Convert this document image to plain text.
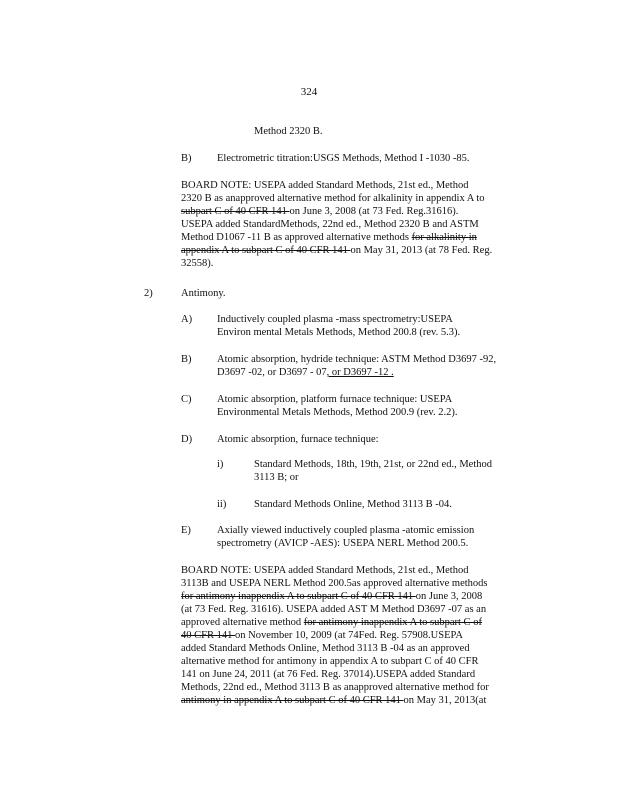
324
Method 2320 B.
B) Electrometric titration:USGS Methods, Method I -1030 -85.
BOARD NOTE: USEPA added Standard Methods, 21st ed., Method
2320 B as anapproved alternative method for alkalinity in appendix A to
subpart C of 40 CFR 141 on June 3, 2008 (at 73 Fed. Reg.31616).
USEPA added StandardMethods, 22nd ed., Method 2320 B and ASTM
Method D1067 -11 B as approved alternative methods for alkalinity in
appendix A to subpart C of 40 CFR 141 on May 31, 2013 (at 78 Fed. Reg.
32558).
2)	Antimony.
A) Inductively coupled plasma -mass spectrometry:USEPA
Environ mental Metals Methods, Method 200.8 (rev. 5.3).
B) Atomic absorption, hydride technique: ASTM Method D3697 -92,
D3697 -02, or D3697 - 07, or D3697 -12 .
C) Atomic absorption, platform furnace technique: USEPA
Environmental Metals Methods, Method 200.9 (rev. 2.2).
D) Atomic absorption, furnace technique:
i)	Standard Methods, 18th, 19th, 21st, or 22nd ed., Method
3113 B; or
ii)	Standard Methods Online, Method 3113 B -04.
E) Axially viewed inductively coupled plasma -atomic emission
spectrometry (AVICP -AES): USEPA NERL Method 200.5.
BOARD NOTE: USEPA added Standard Methods, 21st ed., Method
3113B and USEPA NERL Method 200.5as approved alternative methods
for antimony inappendix A to subpart C of 40 CFR 141 on June 3, 2008
(at 73 Fed. Reg. 31616). USEPA added AST M Method D3697 -07 as an
approved alternative method for antimony inappendix A to subpart C of
40 CFR 141 on November 10, 2009 (at 74Fed. Reg. 57908.USEPA
added Standard Methods Online, Method 3113 B -04 as an approved
alternative method for antimony in appendix A to subpart C of 40 CFR
141 on June 24, 2011 (at 76 Fed. Reg. 37014).USEPA added Standard
Methods, 22nd ed., Method 3113 B as anapproved alternative method for
antimony in appendix A to subpart C of 40 CFR 141 on May 31, 2013(at
